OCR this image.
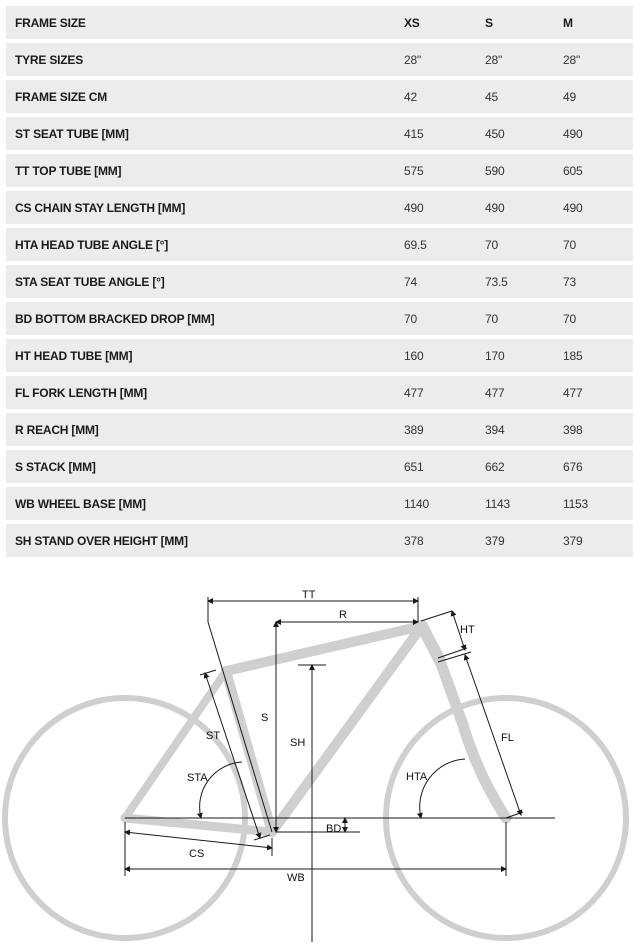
FRAME SIZE	XS	S	M
TYRE SIZES	28"	28"	28"
FRAME SIZE CM	42	45	49
ST SEAT TUBE [MM]	415	450	490
TT TOP TUBE [MM]	575	590	605
CS CHAIN STAY LENGTH [MM]	490	490	490
HTA HEAD TUBE ANGLE [°]	69.5	70	70
STA SEAT TUBE ANGLE [°]	74	73.5	73
BD BOTTOM BRACKED DROP [MM]	70	70	70
HT HEAD TUBE [MM]	160	170	185
FL FORK LENGTH [MM]	477	477	477
R REACH [MM]	389	394	398
S STACK [MM]	651	662	676
WB WHEEL BASE [MM]	1140	1143	1153
SH STAND OVER HEIGHT [MM]	378	379	379
TT
R
HT
S
SH
ST
STA
FL
HTA
BD
CS
WB
